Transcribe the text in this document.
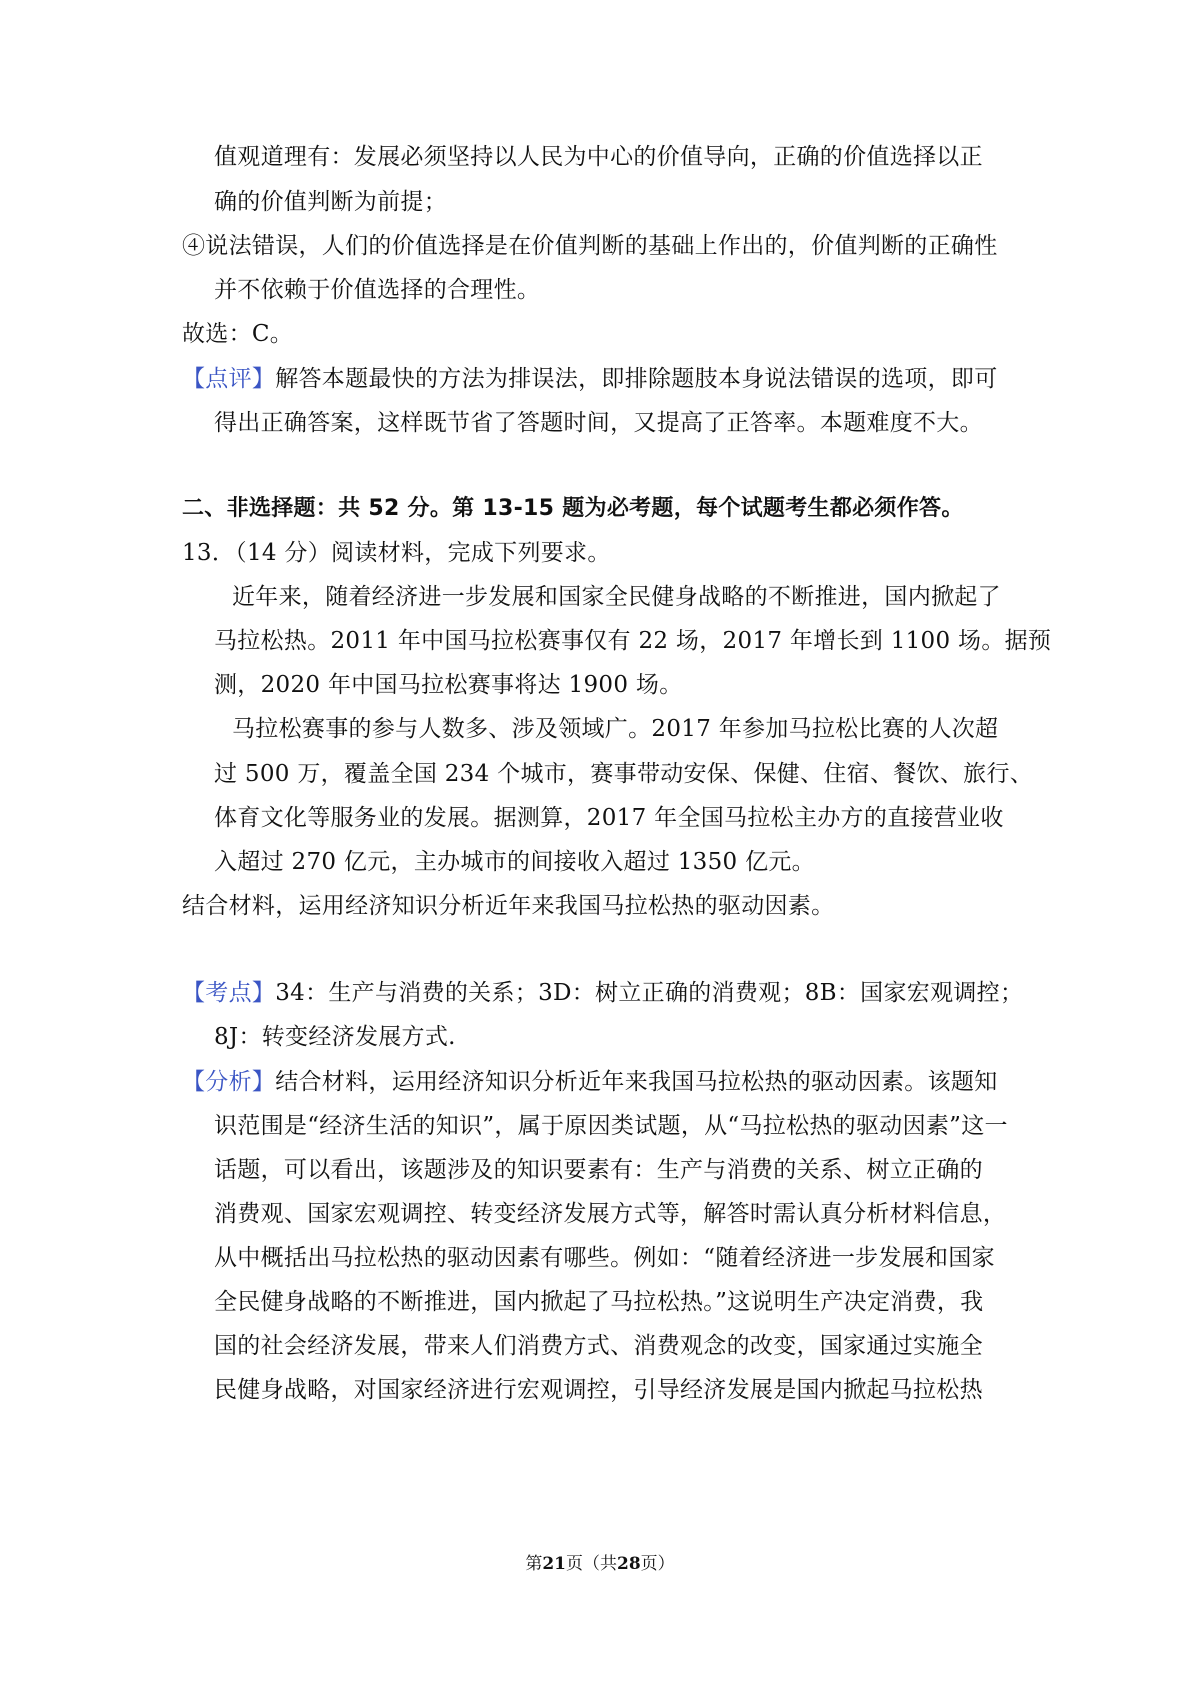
值观道理有：发展必须坚持以人民为中心的价值导向，正确的价值选择以正
确的价值判断为前提；
④说法错误，人们的价值选择是在价值判断的基础上作出的，价值判断的正确性
并不依赖于价值选择的合理性。
故选：C。
【点评】解答本题最快的方法为排误法，即排除题肢本身说法错误的选项，即可
得出正确答案，这样既节省了答题时间，又提高了正答率。本题难度不大。
二、非选择题：共 52 分。第 13-15 题为必考题，每个试题考生都必须作答。
13．（14 分）阅读材料，完成下列要求。
近年来，随着经济进一步发展和国家全民健身战略的不断推进，国内掀起了
马拉松热。2011 年中国马拉松赛事仅有 22 场，2017 年增长到 1100 场。据预
测，2020 年中国马拉松赛事将达 1900 场。
马拉松赛事的参与人数多、涉及领域广。2017 年参加马拉松比赛的人次超
过 500 万，覆盖全国 234 个城市，赛事带动安保、保健、住宿、餐饮、旅行、
体育文化等服务业的发展。据测算，2017 年全国马拉松主办方的直接营业收
入超过 270 亿元，主办城市的间接收入超过 1350 亿元。
结合材料，运用经济知识分析近年来我国马拉松热的驱动因素。
【考点】34：生产与消费的关系；3D：树立正确的消费观；8B：国家宏观调控；
8J：转变经济发展方式.
【分析】结合材料，运用经济知识分析近年来我国马拉松热的驱动因素。该题知
识范围是“经济生活的知识”，属于原因类试题，从“马拉松热的驱动因素”这一
话题，可以看出，该题涉及的知识要素有：生产与消费的关系、树立正确的
消费观、国家宏观调控、转变经济发展方式等，解答时需认真分析材料信息，
从中概括出马拉松热的驱动因素有哪些。例如：“随着经济进一步发展和国家
全民健身战略的不断推进，国内掀起了马拉松热。”这说明生产决定消费，我
国的社会经济发展，带来人们消费方式、消费观念的改变，国家通过实施全
民健身战略，对国家经济进行宏观调控，引导经济发展是国内掀起马拉松热
第21页（共28页）
